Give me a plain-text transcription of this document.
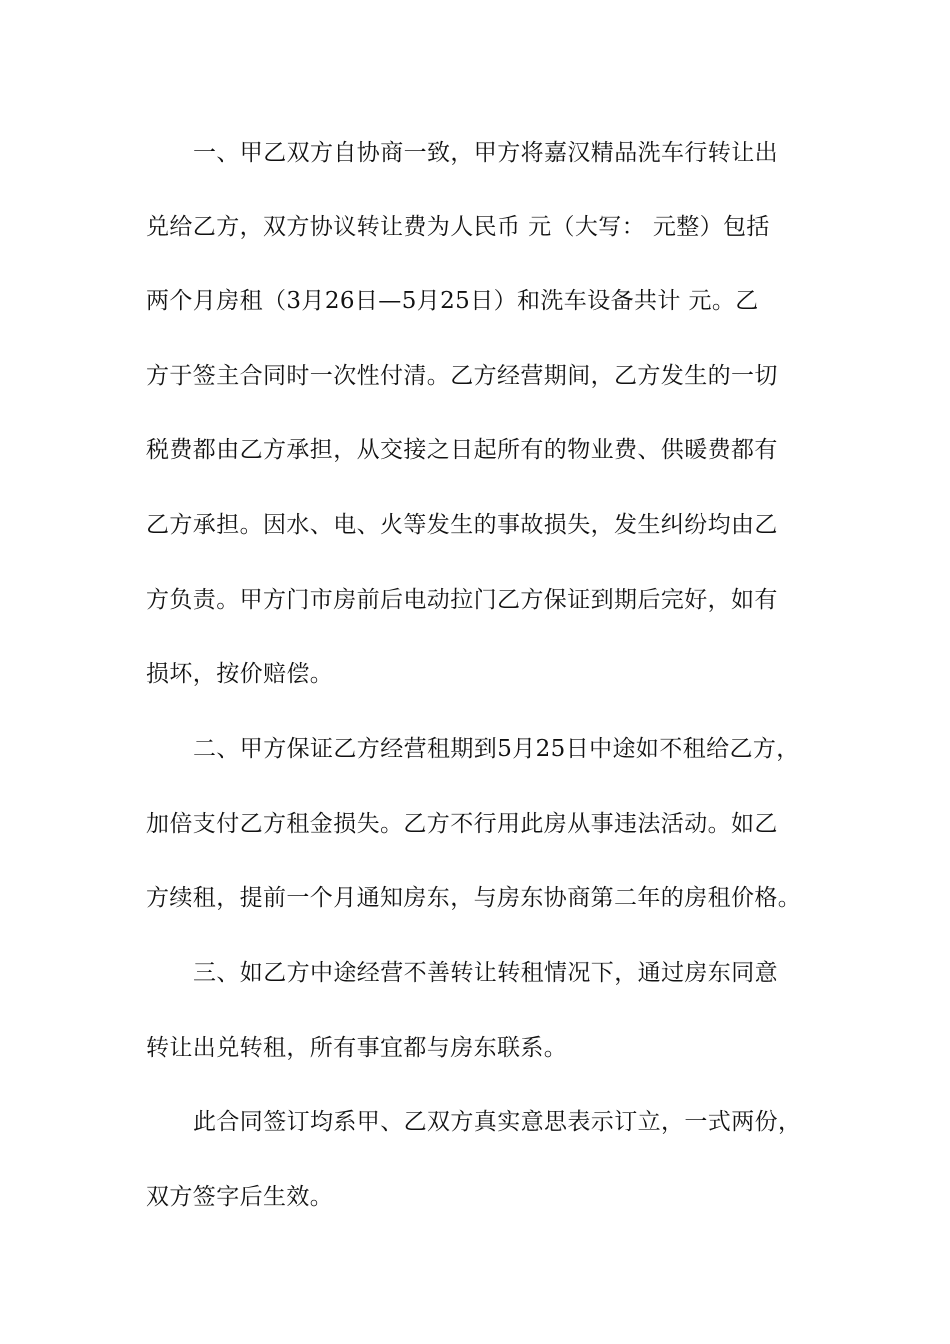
一、甲乙双方自协商一致，甲方将嘉汉精品洗车行转让出
兑给乙方，双方协议转让费为人民币 元（大写： 元整）包括
两个月房租（3月26日—5月25日）和洗车设备共计 元。乙
方于签主合同时一次性付清。乙方经营期间，乙方发生的一切
税费都由乙方承担，从交接之日起所有的物业费、供暖费都有
乙方承担。因水、电、火等发生的事故损失，发生纠纷均由乙
方负责。甲方门市房前后电动拉门乙方保证到期后完好，如有
损坏，按价赔偿。
二、甲方保证乙方经营租期到5月25日中途如不租给乙方，
加倍支付乙方租金损失。乙方不行用此房从事违法活动。如乙
方续租，提前一个月通知房东，与房东协商第二年的房租价格。
三、如乙方中途经营不善转让转租情况下，通过房东同意
转让出兑转租，所有事宜都与房东联系。
此合同签订均系甲、乙双方真实意思表示订立，一式两份，
双方签字后生效。
